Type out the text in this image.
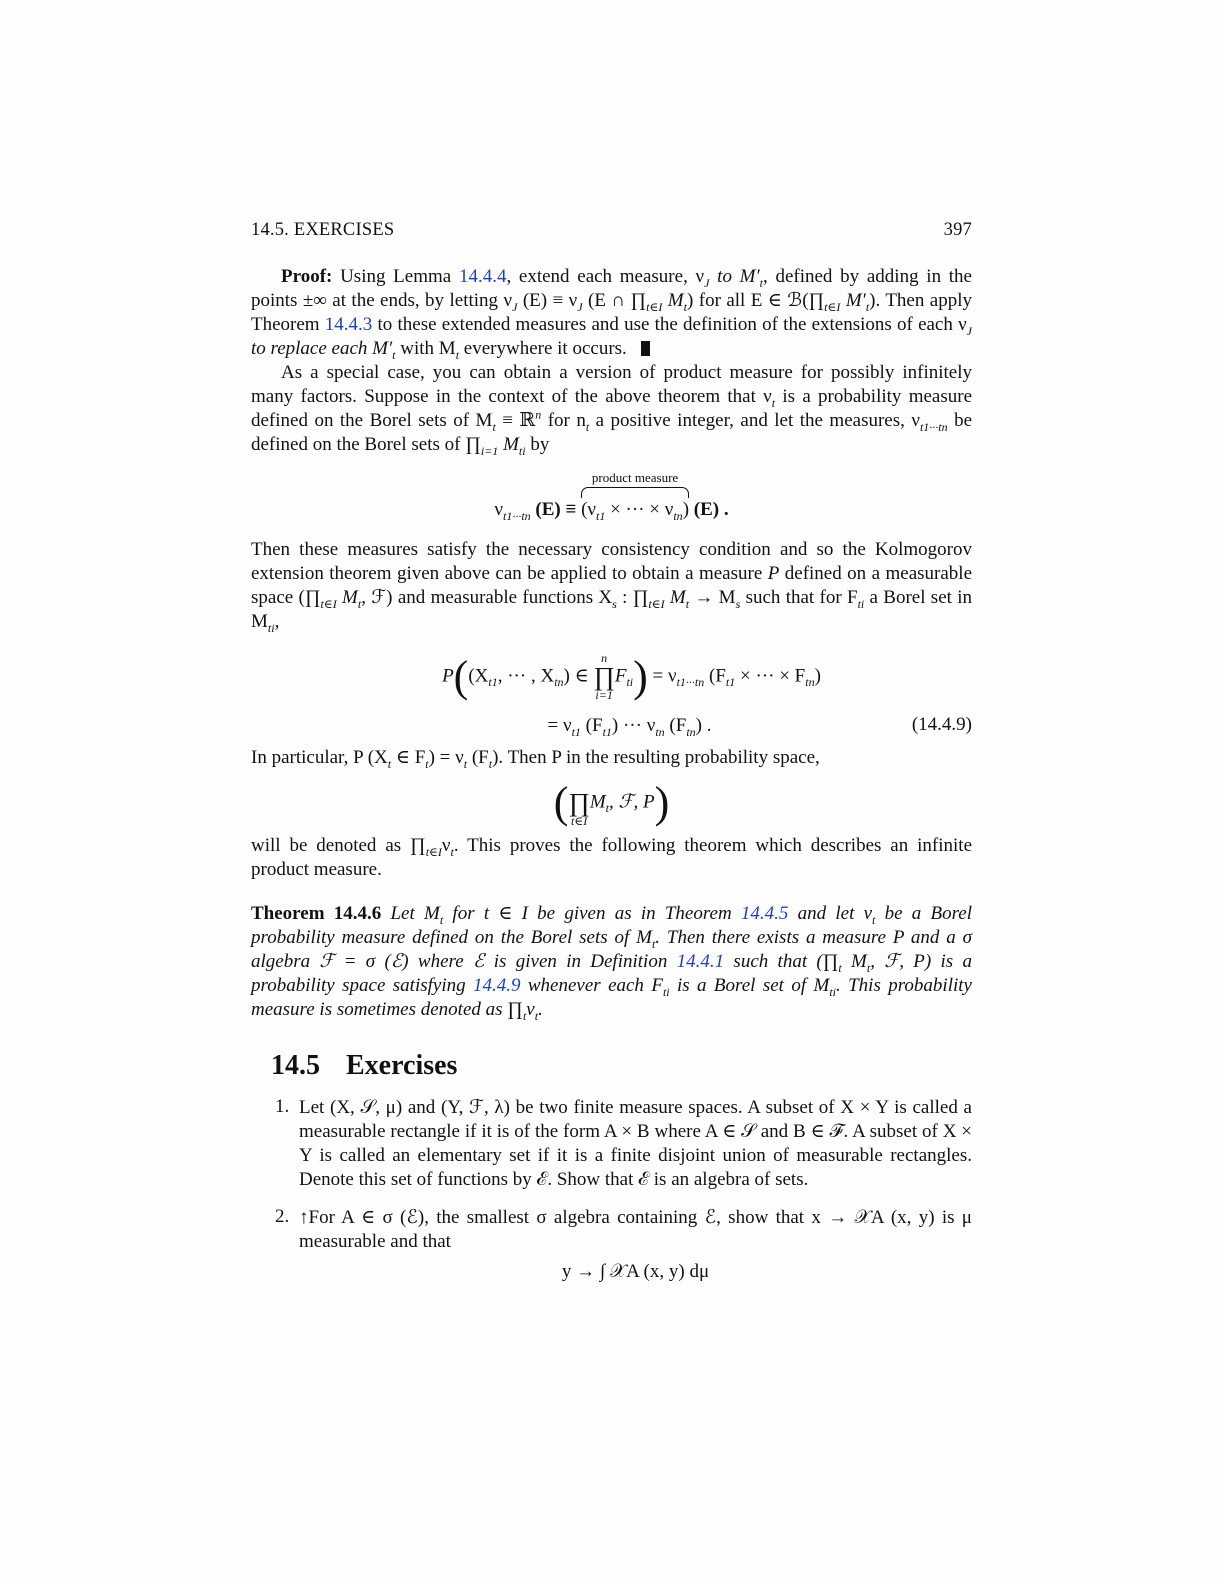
14.5. EXERCISES	397

Proof: Using Lemma 14.4.4, extend each measure, $\nu_J$ to $M'_t$, defined by adding in the points ±∞ at the ends, by letting $\nu_J$ $(E) \equiv \nu_J$ (E ∩ $\prod_{t\in I}$ $M_t$) for all E ∈ $ℬ(\prod_{t\in I}$ $M'_t$). Then apply Theorem 14.4.3 to these extended measures and use the definition of the extensions of each $\nu_J$ to replace each $M'_t$ with $M_t$ everywhere it occurs.

As a special case, you can obtain a version of product measure for possibly infinitely many factors. Suppose in the context of the above theorem that $\nu_t$ is a probability measure defined on the Borel sets of $M_t$ ≡ ℝ$^n$ for $n_t$ a positive integer, and let the measures, $\nu_{t1\cdot\cdot\cdot tn}$ be defined on the Borel sets of $\prod_{i=1}$ $M_{ti}$ by

$\nu_{t1\cdot\cdot\cdot tn}$ (E) ≡
product measure
($\nu_{t1}$ × ··· × $\nu_{tn}$) (E) .

Then these measures satisfy the necessary consistency condition and so the Kolmogorov extension theorem given above can be applied to obtain a measure P defined on a measurable space ($\prod_{t\in I}$ $M_t$, ℱ) and measurable functions $X_s$ : $\prod_{t\in I}$ $M_t \to M_s$ such that for $F_{ti}$ a Borel set in $M_{ti}$,

$P((X_{t1}$, ··· , $X_{tn}$) ∈
n
∏
i=1
$F_{ti}) = \nu_{t1\cdot\cdot\cdot tn}$ ($F_{t1}$ × ··· × $F_{tn}$)
= $\nu_{t1}$ $(F_{t1})$ ··· $\nu_{tn}$ $(F_{tn})$ .	(14.4.9)

In particular, P ($X_t$ ∈ $F_t) = \nu_t$ $(F_t)$. Then P in the resulting probability space,

(
∏
t∈I
$M_t$, ℱ, P)

will be denoted as $\prod_{t\in I}\nu_t$. This proves the following theorem which describes an infinite product measure.

Theorem 14.4.6 Let $M_t$ for t ∈ I be given as in Theorem 14.4.5 and let $\nu_t$ be a Borel probability measure defined on the Borel sets of $M_t$. Then there exists a measure P and a σ algebra ℱ = σ (ℰ) where ℰ is given in Definition 14.4.1 such that ($\prod_t$ $M_t$, ℱ, P) is a probability space satisfying 14.4.9 whenever each $F_{ti}$ is a Borel set of $M_{ti}$. This probability measure is sometimes denoted as $\prod_t\nu_t$.

14.5 Exercises
1. Let (X, 𝒮, μ) and (Y, ℱ, λ) be two finite measure spaces. A subset of X × Y is called a measurable rectangle if it is of the form A × B where A ∈ 𝒮 and B ∈ ℱ. A subset of X × Y is called an elementary set if it is a finite disjoint union of measurable rectangles. Denote this set of functions by ℰ. Show that ℰ is an algebra of sets.

2. ↑For A ∈ σ (ℰ), the smallest σ algebra containing ℰ, show that x → 𝒳A (x, y) is μ measurable and that

y → ∫ 𝒳A (x, y) dμ
